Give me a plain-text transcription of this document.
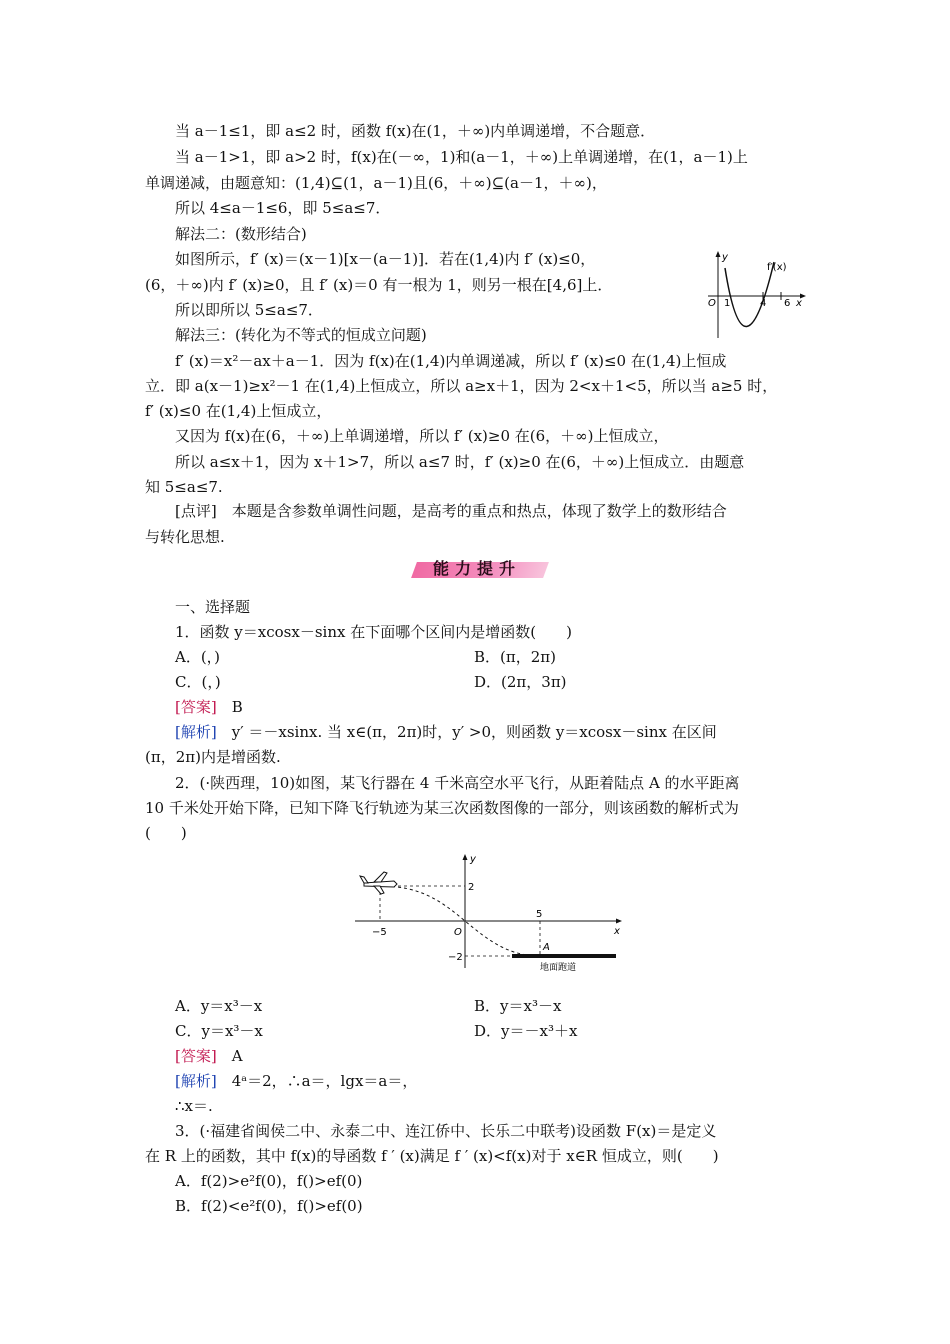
当 a－1≤1，即 a≤2 时，函数 f(x)在(1，＋∞)内单调递增，不合题意．
当 a－1>1，即 a>2 时，f(x)在(－∞，1)和(a－1，＋∞)上单调递增，在(1，a－1)上
单调递减，由题意知：(1,4)⊆(1，a－1)且(6，＋∞)⊆(a－1，＋∞)，
所以 4≤a－1≤6，即 5≤a≤7．
解法二：(数形结合)
如图所示，f′ (x)＝(x－1)[x－(a－1)]．若在(1,4)内 f′ (x)≤0，
(6，＋∞)内 f′ (x)≥0，且 f′ (x)＝0 有一根为 1，则另一根在[4,6]上．
所以即所以 5≤a≤7．
解法三：(转化为不等式的恒成立问题)
f′ (x)＝x²－ax＋a－1．因为 f(x)在(1,4)内单调递减，所以 f′ (x)≤0 在(1,4)上恒成
立．即 a(x－1)≥x²－1 在(1,4)上恒成立，所以 a≥x＋1，因为 2<x＋1<5，所以当 a≥5 时，
f′ (x)≤0 在(1,4)上恒成立，
又因为 f(x)在(6，＋∞)上单调递增，所以 f′ (x)≥0 在(6，＋∞)上恒成立，
所以 a≤x＋1，因为 x＋1>7，所以 a≤7 时，f′ (x)≥0 在(6，＋∞)上恒成立．由题意
知 5≤a≤7.
[点评]　 本题是含参数单调性问题，是高考的重点和热点，体现了数学上的数形结合
与转化思想.
y
f′(x)
O 1	4 6 x
能力提升
一、选择题
1．函数 y＝xcosx－sinx 在下面哪个区间内是增函数(　　)
A．(，)	B．(π，2π)
C．(，)	D．(2π，3π)
[答案]　 B
[解析]　 y′ ＝－xsinx. 当 x∈(π，2π)时，y′ >0，则函数 y＝xcosx－sinx 在区间
(π，2π)内是增函数.
2．(·陕西理，10)如图，某飞行器在 4 千米高空水平飞行，从距着陆点 A 的水平距离
10 千米处开始下降，已知下降飞行轨迹为某三次函数图像的一部分，则该函数的解析式为
(　　)
y
x
2
−5
5
O
−2
A
地面跑道
A．y＝x³－x	B．y＝x³－x
C．y＝x³－x	D．y＝－x³＋x
[答案]　 A
[解析]　 4ᵃ＝2，∴a＝，lgx＝a＝，
∴x＝.
3．(·福建省闽侯二中、永泰二中、连江侨中、长乐二中联考)设函数 F(x)＝是定义
在 R 上的函数，其中 f(x)的导函数 f ′ (x)满足 f ′ (x)<f(x)对于 x∈R 恒成立，则(　　)
A．f(2)>e²f(0)，f()>ef(0)
B．f(2)<e²f(0)，f()>ef(0)
